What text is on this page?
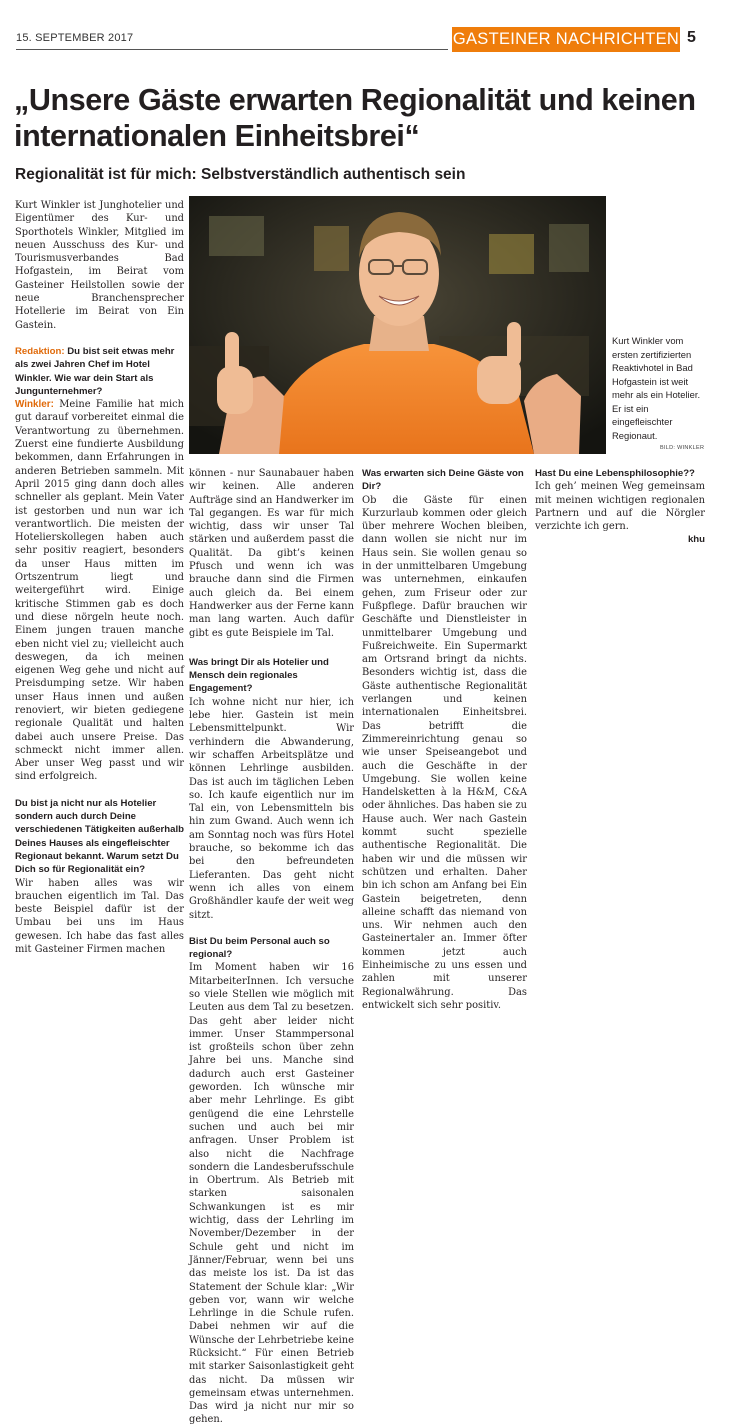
15. SEPTEMBER 2017	GASTEINER NACHRICHTEN 5
„Unsere Gäste erwarten Regionalität und keinen internationalen Einheitsbrei“
Regionalität ist für mich: Selbstverständlich authentisch sein
Kurt Winkler vom ersten zertifizierten Reaktivhotel in Bad Hofgastein ist weit mehr als ein Hotelier. Er ist ein eingefleischter Regionaut.
BILD: WINKLER

Kurt Winkler ist Junghotelier und Eigentümer des Kur- und Sporthotels Winkler, Mitglied im neuen Ausschuss des Kur- und Tourismusverbandes Bad Hofgastein, im Beirat vom Gasteiner Heilstollen sowie der neue Branchensprecher Hotellerie im Beirat von Ein Gastein.

Redaktion: Du bist seit etwas mehr als zwei Jahren Chef im Hotel Winkler. Wie war dein Start als Jungunternehmer?

Winkler: Meine Familie hat mich gut darauf vorbereitet einmal die Verantwortung zu übernehmen. Zuerst eine fundierte Ausbildung bekommen, dann Erfahrungen in anderen Betrieben sammeln. Mit April 2015 ging dann doch alles schneller als geplant. Mein Vater ist gestorben und nun war ich verantwortlich. Die meisten der Hotelierskollegen haben auch sehr positiv reagiert, besonders da unser Haus mitten im Ortszentrum liegt und weitergeführt wird. Einige kritische Stimmen gab es doch und diese nörgeln heute noch. Einem jungen trauen manche eben nicht viel zu; vielleicht auch deswegen, da ich meinen eigenen Weg gehe und nicht auf Preisdumping setze. Wir haben unser Haus innen und außen renoviert, wir bieten gediegene regionale Qualität und halten dabei auch unsere Preise. Das schmeckt nicht immer allen. Aber unser Weg passt und wir sind erfolgreich.

Du bist ja nicht nur als Hotelier sondern auch durch Deine verschiedenen Tätigkeiten außerhalb Deines Hauses als eingefleischter Regionaut bekannt. Warum setzt Du Dich so für Regionalität ein?

Wir haben alles was wir brauchen eigentlich im Tal. Das beste Beispiel dafür ist der Umbau bei uns im Haus gewesen. Ich habe das fast alles mit Gasteiner Firmen machen

Was bringt Dir als Hotelier und Mensch dein regionales Engagement?

Ich wohne nicht nur hier, ich lebe hier. Gastein ist mein Lebensmittelpunkt. Wir verhindern die Abwanderung, wir schaffen Arbeitsplätze und können Lehrlinge ausbilden. Das ist auch im täglichen Leben so. Ich kaufe eigentlich nur im Tal ein, von Lebensmitteln bis hin zum Gwand. Auch wenn ich am Sonntag noch was fürs Hotel brauche, so bekomme ich das bei den befreundeten Lieferanten. Das geht nicht wenn ich alles von einem Großhändler kaufe der weit weg sitzt.

Bist Du beim Personal auch so regional?

Im Moment haben wir 16 MitarbeiterInnen. Ich versuche so viele Stellen wie möglich mit Leuten aus dem Tal zu besetzen. Das geht aber leider nicht immer. Unser Stammpersonal ist großteils schon über zehn Jahre bei uns. Manche sind dadurch auch erst Gasteiner geworden. Ich wünsche mir aber mehr Lehrlinge. Es gibt genügend die eine Lehrstelle suchen und auch bei mir anfragen. Unser Problem ist also nicht die Nachfrage sondern die Landesberufsschule in Obertrum. Als Betrieb mit starken saisonalen Schwankungen ist es mir wichtig, dass der Lehrling im November/Dezember in der Schule geht und nicht im Jänner/Februar, wenn bei uns das meiste los ist. Da ist das Statement der Schule klar: „Wir geben vor, wann wir welche Lehrlinge in die Schule rufen. Dabei nehmen wir auf die Wünsche der Lehrbetriebe keine Rücksicht.“ Für einen Betrieb mit starker Saisonlastigkeit geht das nicht. Da müssen wir gemeinsam etwas unternehmen. Das wird ja nicht nur mir so gehen.

Was erwarten sich Deine Gäste von Dir?

Ob die Gäste für einen Kurzurlaub kommen oder gleich über mehrere Wochen bleiben, dann wollen sie nicht nur im Haus sein. Sie wollen genau so in der unmittelbaren Umgebung was unternehmen, einkaufen gehen, zum Friseur oder zur Fußpflege. Dafür brauchen wir Geschäfte und Dienstleister in unmittelbarer Umgebung und Fußreichweite. Ein Supermarkt am Ortsrand bringt da nichts. Besonders wichtig ist, dass die Gäste authentische Regionalität verlangen und keinen internationalen Einheitsbrei. Das betrifft die Zimmereinrichtung genau so wie unser Speiseangebot und auch die Geschäfte in der Umgebung. Sie wollen keine Handelsketten à la H&M, C&A oder ähnliches. Das haben sie zu Hause auch. Wer nach Gastein kommt sucht spezielle authentische Regionalität. Die haben wir und die müssen wir schützen und erhalten. Daher bin ich schon am Anfang bei Ein Gastein beigetreten, denn alleine schafft das niemand von uns. Wir nehmen auch den Gasteinertaler an. Immer öfter kommen jetzt auch Einheimische zu uns essen und zahlen mit unserer Regionalwährung. Das entwickelt sich sehr positiv.

Hast Du eine Lebensphilosophie??

Ich geh’ meinen Weg gemeinsam mit meinen wichtigen regionalen Partnern und auf die Nörgler verzichte ich gern.

khu

können - nur Saunabauer haben wir keinen. Alle anderen Aufträge sind an Handwerker im Tal gegangen. Es war für mich wichtig, dass wir unser Tal stärken und außerdem passt die Qualität. Da gibt’s keinen Pfusch und wenn ich was brauche dann sind die Firmen auch gleich da. Bei einem Handwerker aus der Ferne kann man lang warten. Auch dafür gibt es gute Beispiele im Tal.
